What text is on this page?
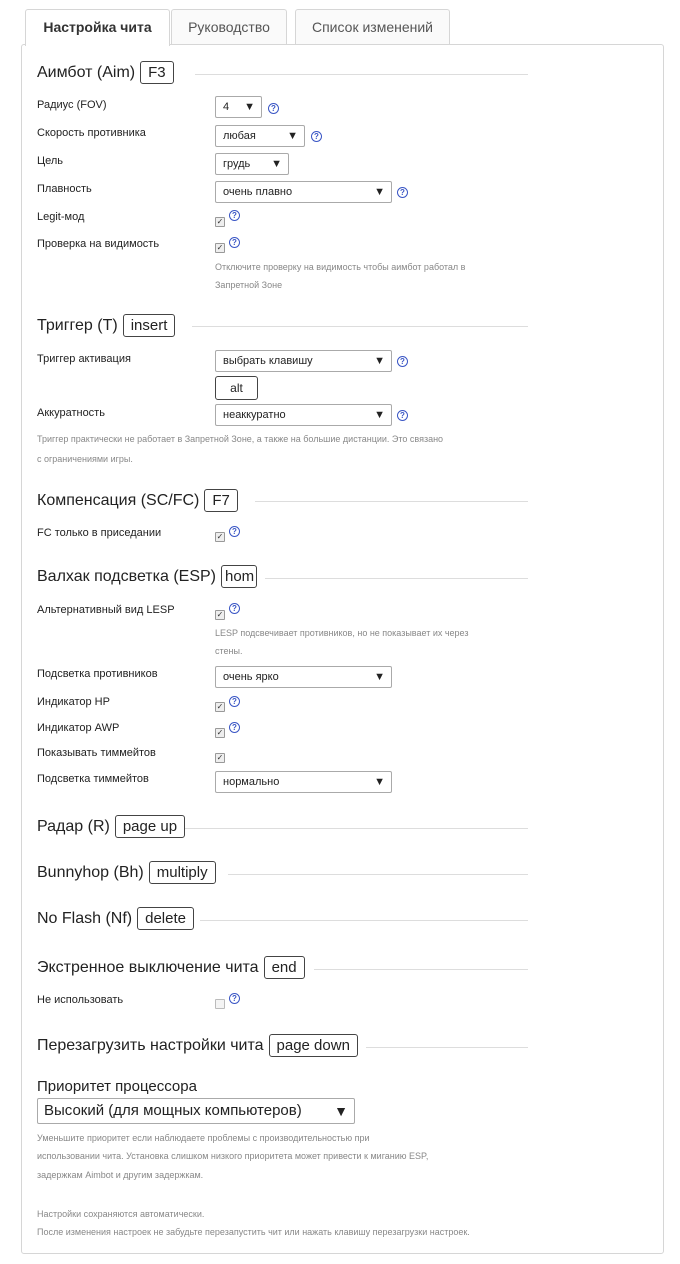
Настройка чита	Руководство	Список изменений
Аимбот (Aim) F3
Радиус (FOV)	4 ▼	?
Скорость противника	любая	▼	?
Цель	грудь ▼
Плавность	очень плавно	▼	?
Legit-мод	✓
?
Проверка на видимость	✓
?
Отключите проверку на видимость чтобы аимбот работал в
Запретной Зоне
Триггер (T) insert
Триггер активация	выбрать клавишу	▼	?
alt
Аккуратность	неаккуратно	▼	?
Триггер практически не работает в Запретной Зоне, а также на большие дистанции. Это связано
с ограничениями игры.
Компенсация (SC/FC) F7
FC только в приседании	✓
?
Валхак подсветка (ESP) hom
Альтернативный вид LESP	✓
?
LESP подсвечивает противников, но не показывает их через
стены.
Подсветка противников	очень ярко	▼
Индикатор HP	✓
?
Индикатор AWP	✓
?
Показывать тиммейтов	✓
Подсветка тиммейтов	нормально	▼
Радар (R) page up
Bunnyhop (Bh) multiply
No Flash (Nf) delete
Экстренное выключение чита end
Не использовать	?
Перезагрузить настройки чита page down
Приоритет процессора
Высокий (для мощных компьютеров) ▼
Уменьшите приоритет если наблюдаете проблемы с производительностью при
использовании чита. Установка слишком низкого приоритета может привести к миганию ESP,
задержкам Aimbot и другим задержкам.
Настройки сохраняются автоматически.
После изменения настроек не забудьте перезапустить чит или нажать клавишу перезагрузки настроек.
